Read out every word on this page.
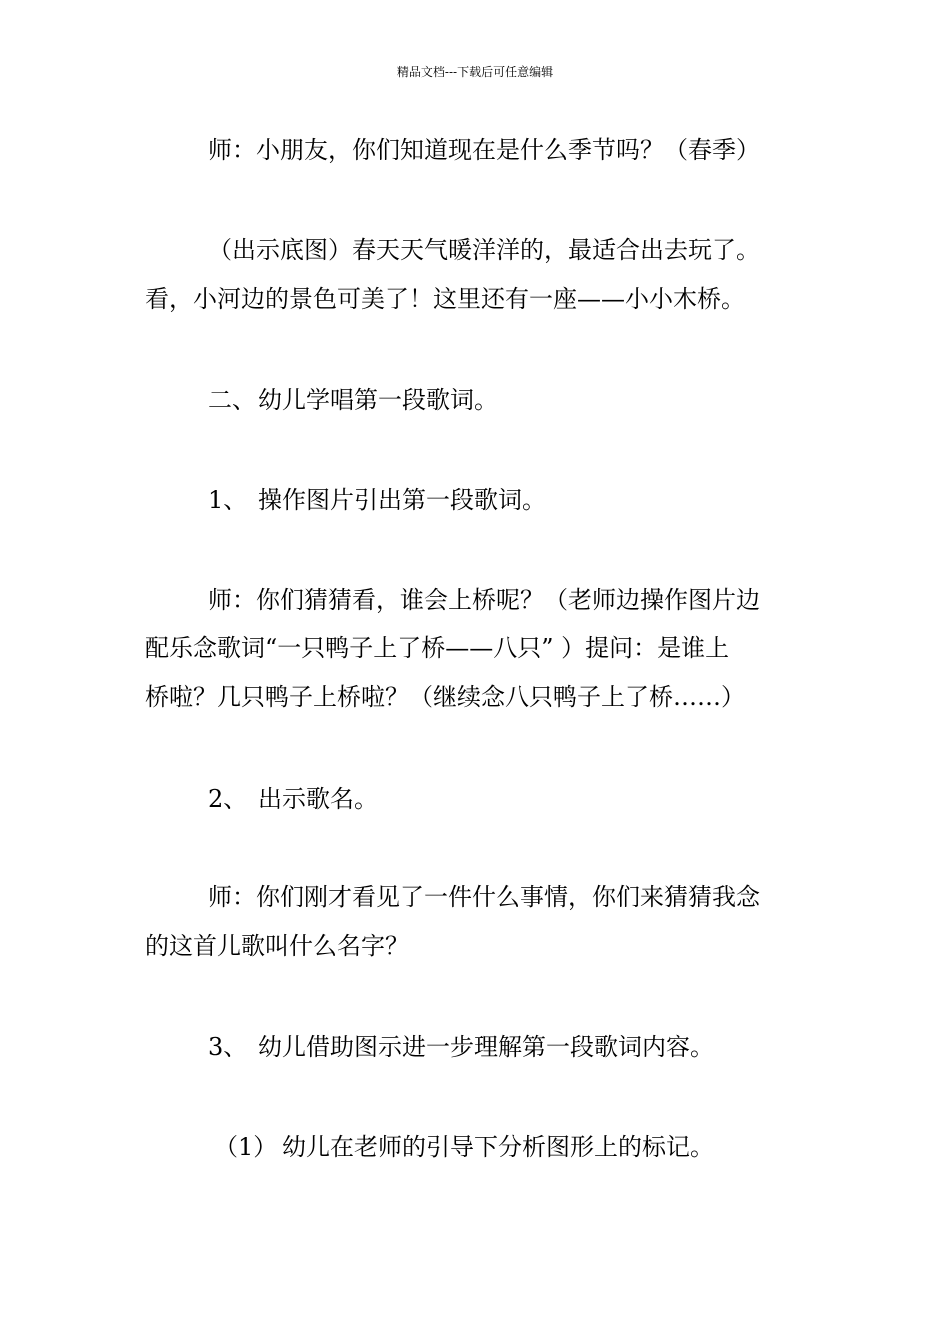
精品文档---下载后可任意编辑
师：小朋友，你们知道现在是什么季节吗？（春季）
（出示底图）春天天气暖洋洋的，最适合出去玩了。
看，小河边的景色可美了！这里还有一座——小小木桥。
二、幼儿学唱第一段歌词。
1、 操作图片引出第一段歌词。
师：你们猜猜看，谁会上桥呢？（老师边操作图片边
配乐念歌词“一只鸭子上了桥——八只” ）提问：是谁上
桥啦？几只鸭子上桥啦？（继续念八只鸭子上了桥……）
2、 出示歌名。
师：你们刚才看见了一件什么事情，你们来猜猜我念
的这首儿歌叫什么名字？
3、 幼儿借助图示进一步理解第一段歌词内容。
（1） 幼儿在老师的引导下分析图形上的标记。
